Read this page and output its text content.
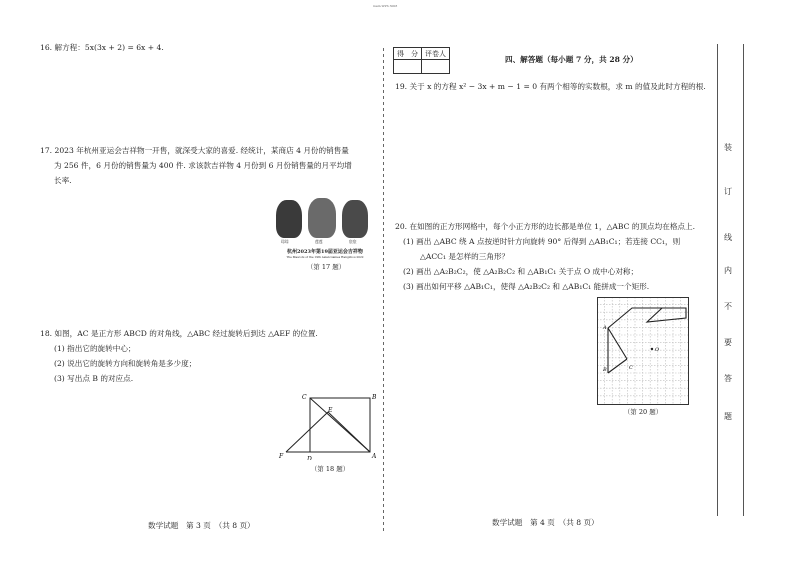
main.WPS 3008
16. 解方程：5x(3x + 2) = 6x + 4.
17. 2023 年杭州亚运会吉祥物一开售，就深受大家的喜爱. 经统计，某商店 4 月份的销售量
为 256 件，6 月份的销售量为 400 件. 求该款吉祥物 4 月份到 6 月份销售量的月平均增
长率.
琮琮	莲莲	宸宸
杭州2023年第19届亚运会吉祥物
The Mascots of the 19th Asian Games Hangzhou 2022
（第 17 题）
18. 如图，AC 是正方形 ABCD 的对角线，△ABC 经过旋转后到达 △AEF 的位置.
(1) 指出它的旋转中心；
(2) 说出它的旋转方向和旋转角是多少度；
(3) 写出点 B 的对应点.
C	B
E
F	D	A
（第 18 题）
数学试题　第 3 页　（共 8 页）
得　分	评卷人

四、解答题（每小题 7 分，共 28 分）
19. 关于 x 的方程 x² − 3x + m − 1 = 0 有两个相等的实数根，求 m 的值及此时方程的根.
20. 在如图的正方形网格中，每个小正方形的边长都是单位 1，△ABC 的顶点均在格点上.
(1) 画出 △ABC 绕 A 点按逆时针方向旋转 90° 后得到 △AB₁C₁；若连接 CC₁，则
△ACC₁ 是怎样的三角形？
(2) 画出 △A₂B₂C₂，使 △A₂B₂C₂ 和 △AB₁C₁ 关于点 O 成中心对称；
(3) 画出如何平移 △AB₁C₁，使得 △A₂B₂C₂ 和 △AB₁C₁ 能拼成一个矩形.
A
O
B	C
（第 20 题）
数学试题　第 4 页　（共 8 页）
装
订
线
内
不
要
答
题
